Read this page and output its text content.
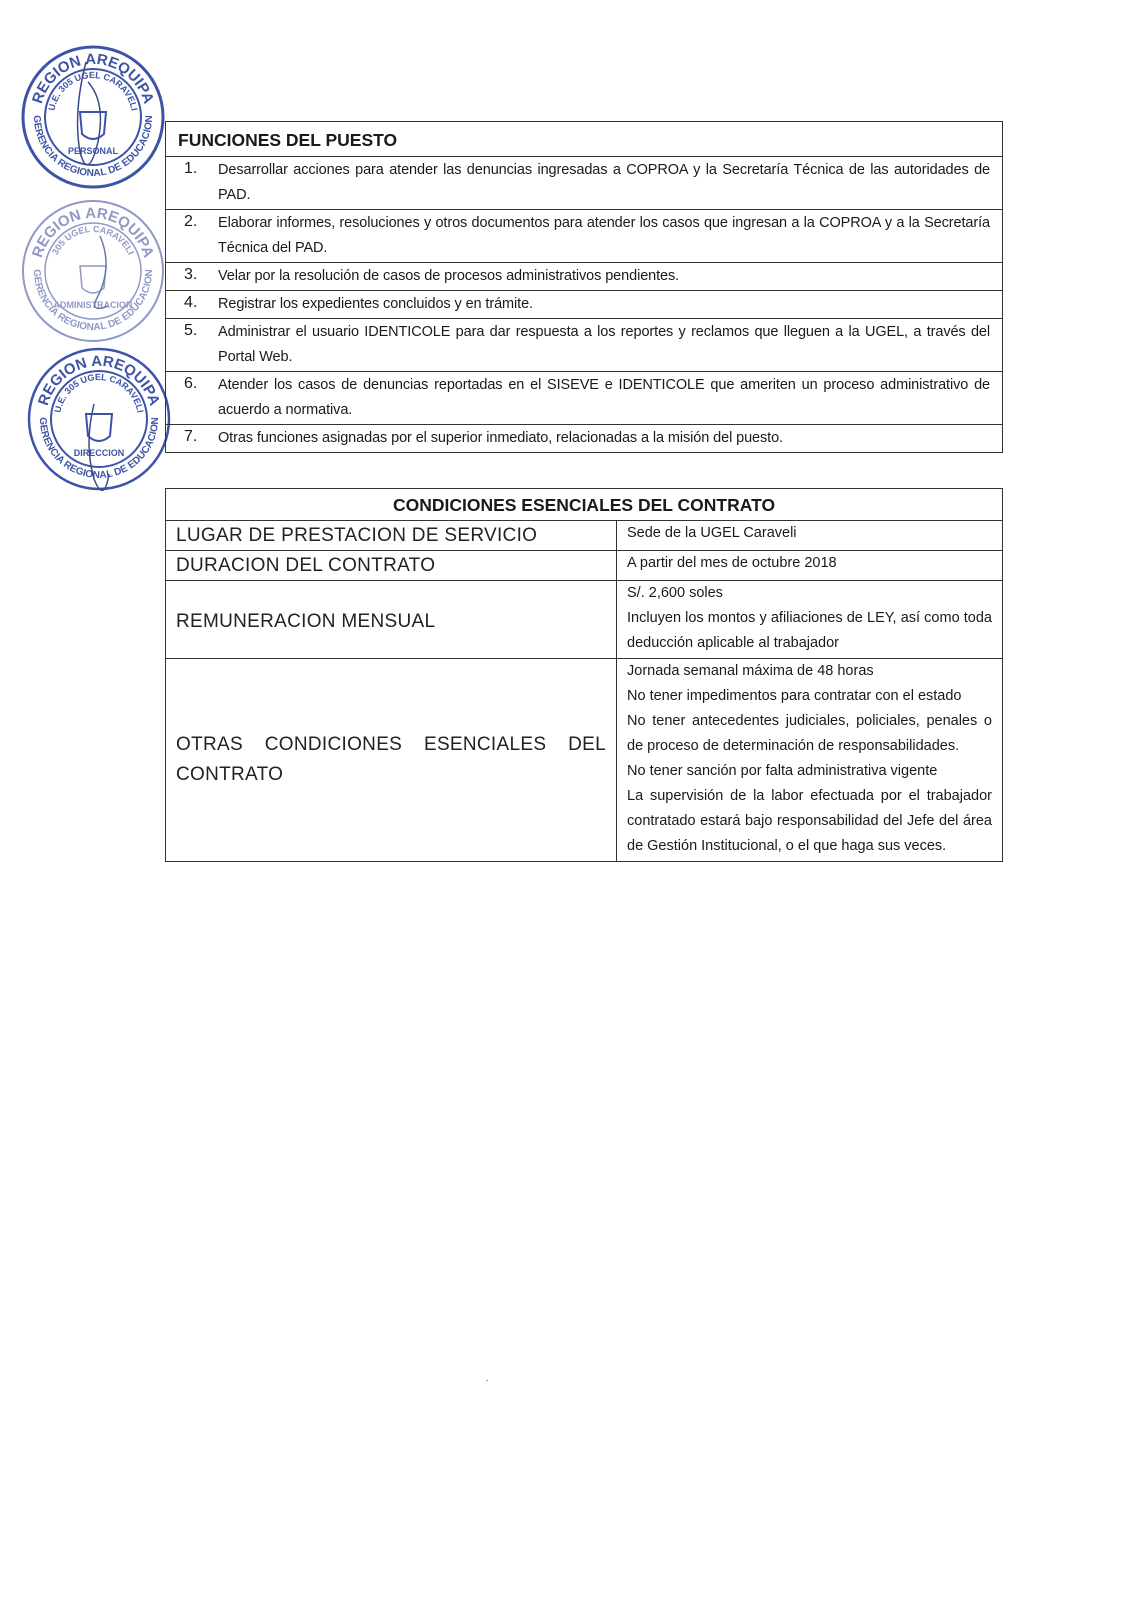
REGION AREQUIPA
GERENCIA REGIONAL DE EDUCACION
U.E. 305 UGEL CARAVELI
PERSONAL
REGION AREQUIPA
GERENCIA REGIONAL DE EDUCACION
305 UGEL CARAVELI
ADMINISTRACION
REGION AREQUIPA
GERENCIA REGIONAL DE EDUCACION
U.E. 305 UGEL CARAVELI
DIRECCION
FUNCIONES DEL PUESTO	
1.	Desarrollar acciones para atender las denuncias ingresadas a COPROA y la Secretaría Técnica de las autoridades de PAD.
2.	Elaborar informes, resoluciones y otros documentos para atender los casos que ingresan a la COPROA y a la Secretaría Técnica del PAD.
3.	Velar por la resolución de casos de procesos administrativos pendientes.
4.	Registrar los expedientes concluidos y en trámite.
5.	Administrar el usuario IDENTICOLE para dar respuesta a los reportes y reclamos que lleguen a la UGEL, a través del Portal Web.
6.	Atender los casos de denuncias reportadas en el SISEVE e IDENTICOLE que ameriten un proceso administrativo de acuerdo a normativa.
7.	Otras funciones asignadas por el superior inmediato, relacionadas a la misión del puesto.
CONDICIONES ESENCIALES DEL CONTRATO	
LUGAR DE PRESTACION DE SERVICIO	Sede de la UGEL Caraveli
DURACION DEL CONTRATO	A partir del mes de octubre 2018
REMUNERACION MENSUAL	S/. 2,600 soles
Incluyen los montos y afiliaciones de LEY, así como toda deducción aplicable al trabajador

OTRAS CONDICIONES ESENCIALES DEL CONTRATO	Jornada semanal máxima de 48 horas
No tener impedimentos para contratar con el estado
No tener antecedentes judiciales, policiales, penales o de proceso de determinación de responsabilidades.
No tener sanción por falta administrativa vigente
La supervisión de la labor efectuada por el trabajador contratado estará bajo responsabilidad del Jefe del área de Gestión Institucional, o el que haga sus veces.
